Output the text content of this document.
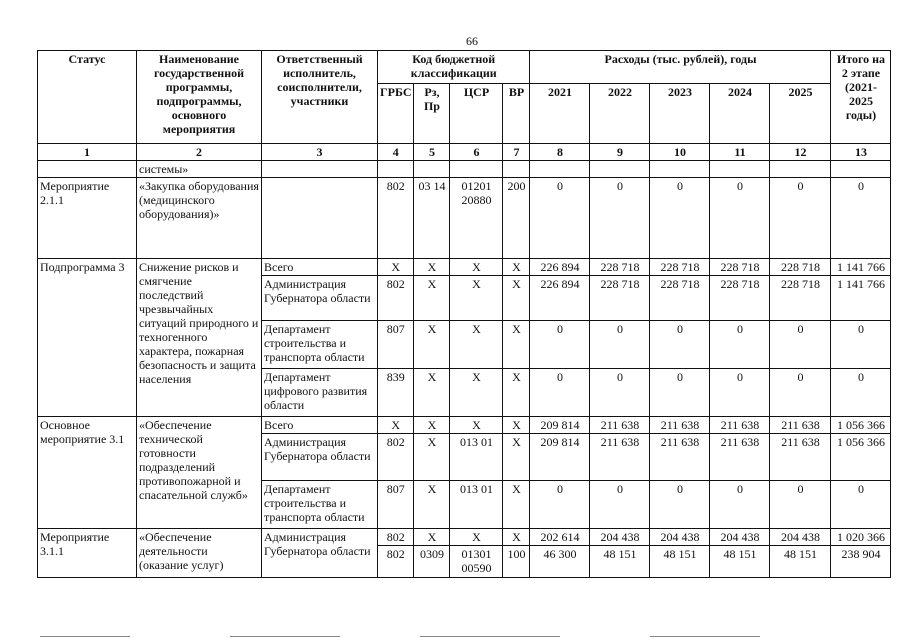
66
Статус	Наименование государственной программы, подпрограммы, основного мероприятия	Ответственный исполнитель, соисполнители, участники	Код бюджетной классификации				Расходы (тыс. рублей), годы					Итого на 2 этапе (2021-2025 годы)
			ГРБС	Рз, Пр	ЦСР	ВР	2021	2022	2023	2024	2025	
1	2	3	4	5	6	7	8	9	10	11	12	13
	системы»											
Мероприятие 2.1.1	«Закупка оборудования (медицинского оборудования)»		802	03 14	01201 20880	200	0	0	0	0	0	0
Подпрограмма 3	Снижение рисков и смягчение последствий чрезвычайных ситуаций природного и техногенного характера, пожарная безопасность и защита населения	Всего	Х	Х	Х	Х	226 894	228 718	228 718	228 718	228 718	1 141 766
		Администрация Губернатора области	802	Х	Х	Х	226 894	228 718	228 718	228 718	228 718	1 141 766
		Департамент строительства и транспорта области	807	Х	Х	Х	0	0	0	0	0	0
		Департамент цифрового развития области	839	Х	Х	Х	0	0	0	0	0	0
Основное мероприятие 3.1	«Обеспечение технической готовности подразделений противопожарной и спасательной служб»	Всего	Х	Х	Х	Х	209 814	211 638	211 638	211 638	211 638	1 056 366
		Администрация Губернатора области	802	Х	013 01	Х	209 814	211 638	211 638	211 638	211 638	1 056 366
		Департамент строительства и транспорта области	807	Х	013 01	Х	0	0	0	0	0	0
Мероприятие 3.1.1	«Обеспечение деятельности (оказание услуг)	Администрация Губернатора области	802	Х	Х	Х	202 614	204 438	204 438	204 438	204 438	1 020 366
			802	0309	01301 00590	100	46 300	48 151	48 151	48 151	48 151	238 904
